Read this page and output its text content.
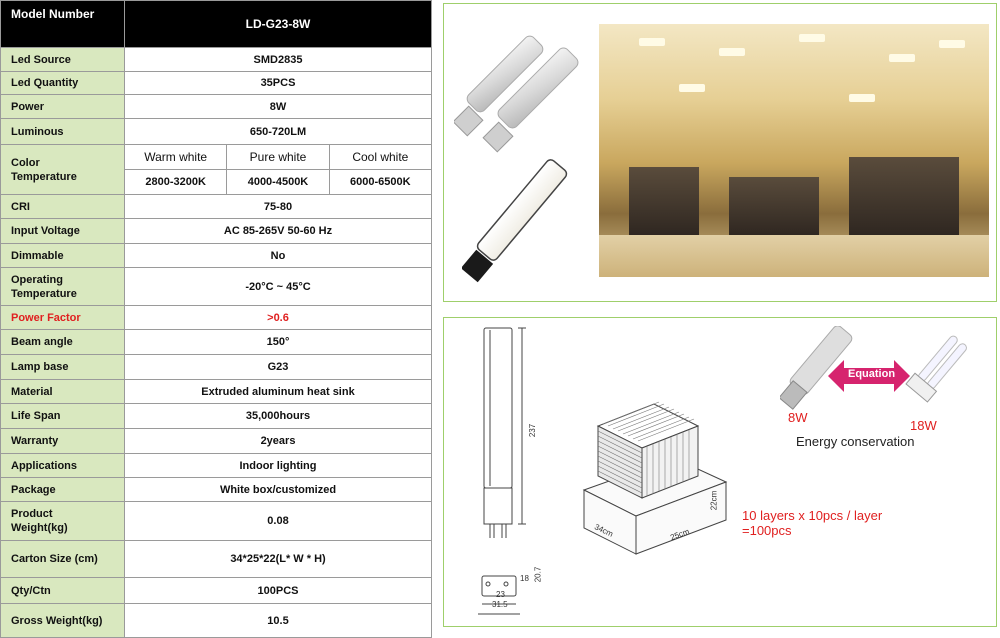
Model Number	LD-G23-8W		
Led Source	SMD2835		
Led Quantity	35PCS		
Power	8W		
Luminous	650-720LM		
Color
Temperature	Warm white	Pure white	Cool white
	2800-3200K	4000-4500K	6000-6500K
CRI	75-80		
Input Voltage	AC 85-265V 50-60 Hz		
Dimmable	No		
Operating
Temperature	-20°C ~ 45°C		
Power Factor	>0.6		
Beam angle	150°		
Lamp base	G23		
Material	Extruded aluminum heat sink		
Life Span	35,000hours		
Warranty	2years		
Applications	Indoor lighting		
Package	White box/customized		
Product
Weight(kg)	0.08		
Carton Size (cm)	34*25*22(L* W * H)		
Qty/Ctn	100PCS		
Gross Weight(kg)	10.5		
237
23
31.5
18 20.7
34cm	25cm
22cm
10 layers x 10pcs / layer
=100pcs
Equation
8W
18W
Energy conservation
